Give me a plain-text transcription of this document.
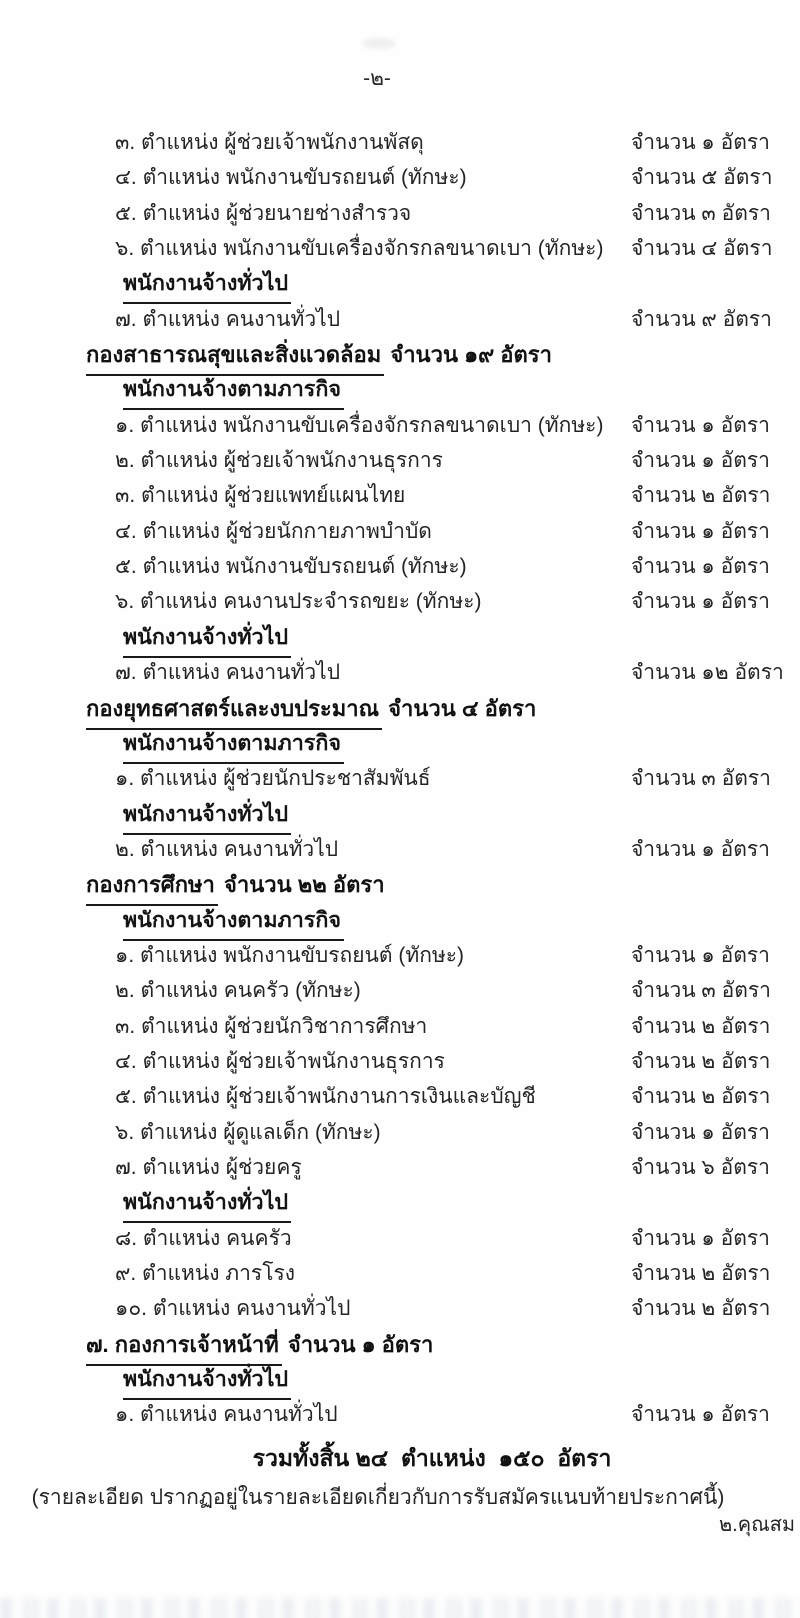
-๒-
๓. ตำแหน่ง ผู้ช่วยเจ้าพนักงานพัสดุ	จำนวน ๑ อัตรา
๔. ตำแหน่ง พนักงานขับรถยนต์ (ทักษะ)	จำนวน ๕ อัตรา
๕. ตำแหน่ง ผู้ช่วยนายช่างสำรวจ	จำนวน ๓ อัตรา
๖. ตำแหน่ง พนักงานขับเครื่องจักรกลขนาดเบา (ทักษะ) จำนวน ๔ อัตรา
พนักงานจ้างทั่วไป
๗. ตำแหน่ง คนงานทั่วไป	จำนวน ๙ อัตรา
กองสาธารณสุขและสิ่งแวดล้อม จำนวน ๑๙ อัตรา
พนักงานจ้างตามภารกิจ
๑. ตำแหน่ง พนักงานขับเครื่องจักรกลขนาดเบา (ทักษะ) จำนวน ๑ อัตรา
๒. ตำแหน่ง ผู้ช่วยเจ้าพนักงานธุรการ	จำนวน ๑ อัตรา
๓. ตำแหน่ง ผู้ช่วยแพทย์แผนไทย	จำนวน ๒ อัตรา
๔. ตำแหน่ง ผู้ช่วยนักกายภาพบำบัด	จำนวน ๑ อัตรา
๕. ตำแหน่ง พนักงานขับรถยนต์ (ทักษะ)	จำนวน ๑ อัตรา
๖. ตำแหน่ง คนงานประจำรถขยะ (ทักษะ)	จำนวน ๑ อัตรา
พนักงานจ้างทั่วไป
๗. ตำแหน่ง คนงานทั่วไป	จำนวน ๑๒ อัตรา
กองยุทธศาสตร์และงบประมาณ จำนวน ๔ อัตรา
พนักงานจ้างตามภารกิจ
๑. ตำแหน่ง ผู้ช่วยนักประชาสัมพันธ์	จำนวน ๓ อัตรา
พนักงานจ้างทั่วไป
๒. ตำแหน่ง คนงานทั่วไป	จำนวน ๑ อัตรา
กองการศึกษา จำนวน ๒๒ อัตรา
พนักงานจ้างตามภารกิจ
๑. ตำแหน่ง พนักงานขับรถยนต์ (ทักษะ)	จำนวน ๑ อัตรา
๒. ตำแหน่ง คนครัว (ทักษะ)	จำนวน ๓ อัตรา
๓. ตำแหน่ง ผู้ช่วยนักวิชาการศึกษา	จำนวน ๒ อัตรา
๔. ตำแหน่ง ผู้ช่วยเจ้าพนักงานธุรการ	จำนวน ๒ อัตรา
๕. ตำแหน่ง ผู้ช่วยเจ้าพนักงานการเงินและบัญชี	จำนวน ๒ อัตรา
๖. ตำแหน่ง ผู้ดูแลเด็ก (ทักษะ)	จำนวน ๑ อัตรา
๗. ตำแหน่ง ผู้ช่วยครู	จำนวน ๖ อัตรา
พนักงานจ้างทั่วไป
๘. ตำแหน่ง คนครัว	จำนวน ๑ อัตรา
๙. ตำแหน่ง ภารโรง	จำนวน ๒ อัตรา
๑๐. ตำแหน่ง คนงานทั่วไป	จำนวน ๒ อัตรา
๗. กองการเจ้าหน้าที่ จำนวน ๑ อัตรา
พนักงานจ้างทั่วไป
๑. ตำแหน่ง คนงานทั่วไป	จำนวน ๑ อัตรา
รวมทั้งสิ้น ๒๔  ตำแหน่ง  ๑๕๐  อัตรา
(รายละเอียด ปรากฏอยู่ในรายละเอียดเกี่ยวกับการรับสมัครแนบท้ายประกาศนี้)
๒.คุณสม
